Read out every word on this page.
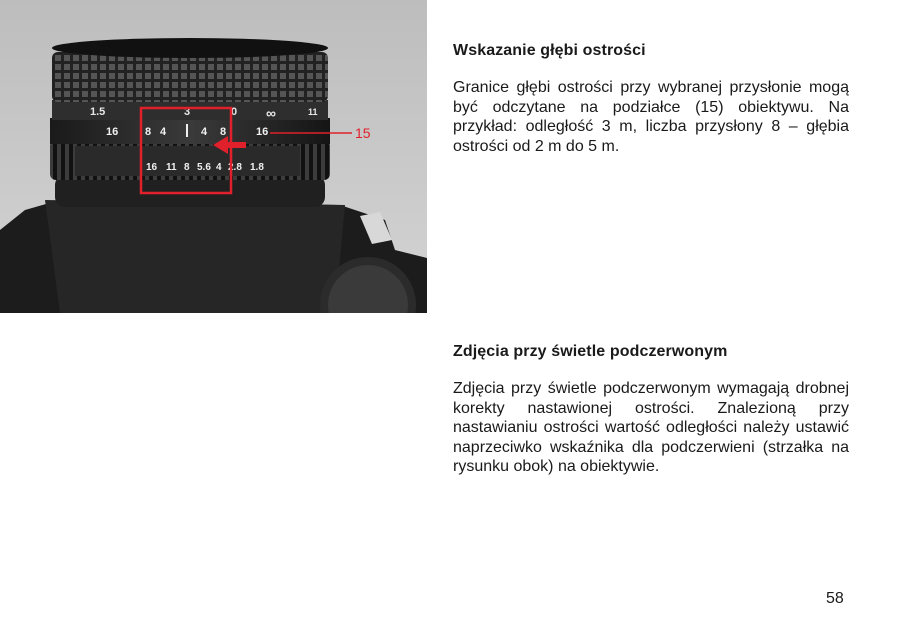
1.5	3	0 ∞	11
16 8 4	4 8	16
16 11 8 5.6 4 2.8 1.8
15
Wskazanie głębi ostrości

Granice głębi ostrości przy wybranej przysłonie mogą być odczytane na podziałce (15) obiektywu. Na przykład: odległość 3 m, liczba przysłony 8 – głębia ostrości od 2 m do 5 m.

Zdjęcia przy świetle podczerwonym

Zdjęcia przy świetle podczerwonym wymagają drobnej korekty nastawionej ostrości. Znalezioną przy nastawianiu ostrości wartość odległości należy ustawić naprzeciwko wskaźnika dla podczerwieni (strzałka na rysunku obok) na obiektywie.

58
